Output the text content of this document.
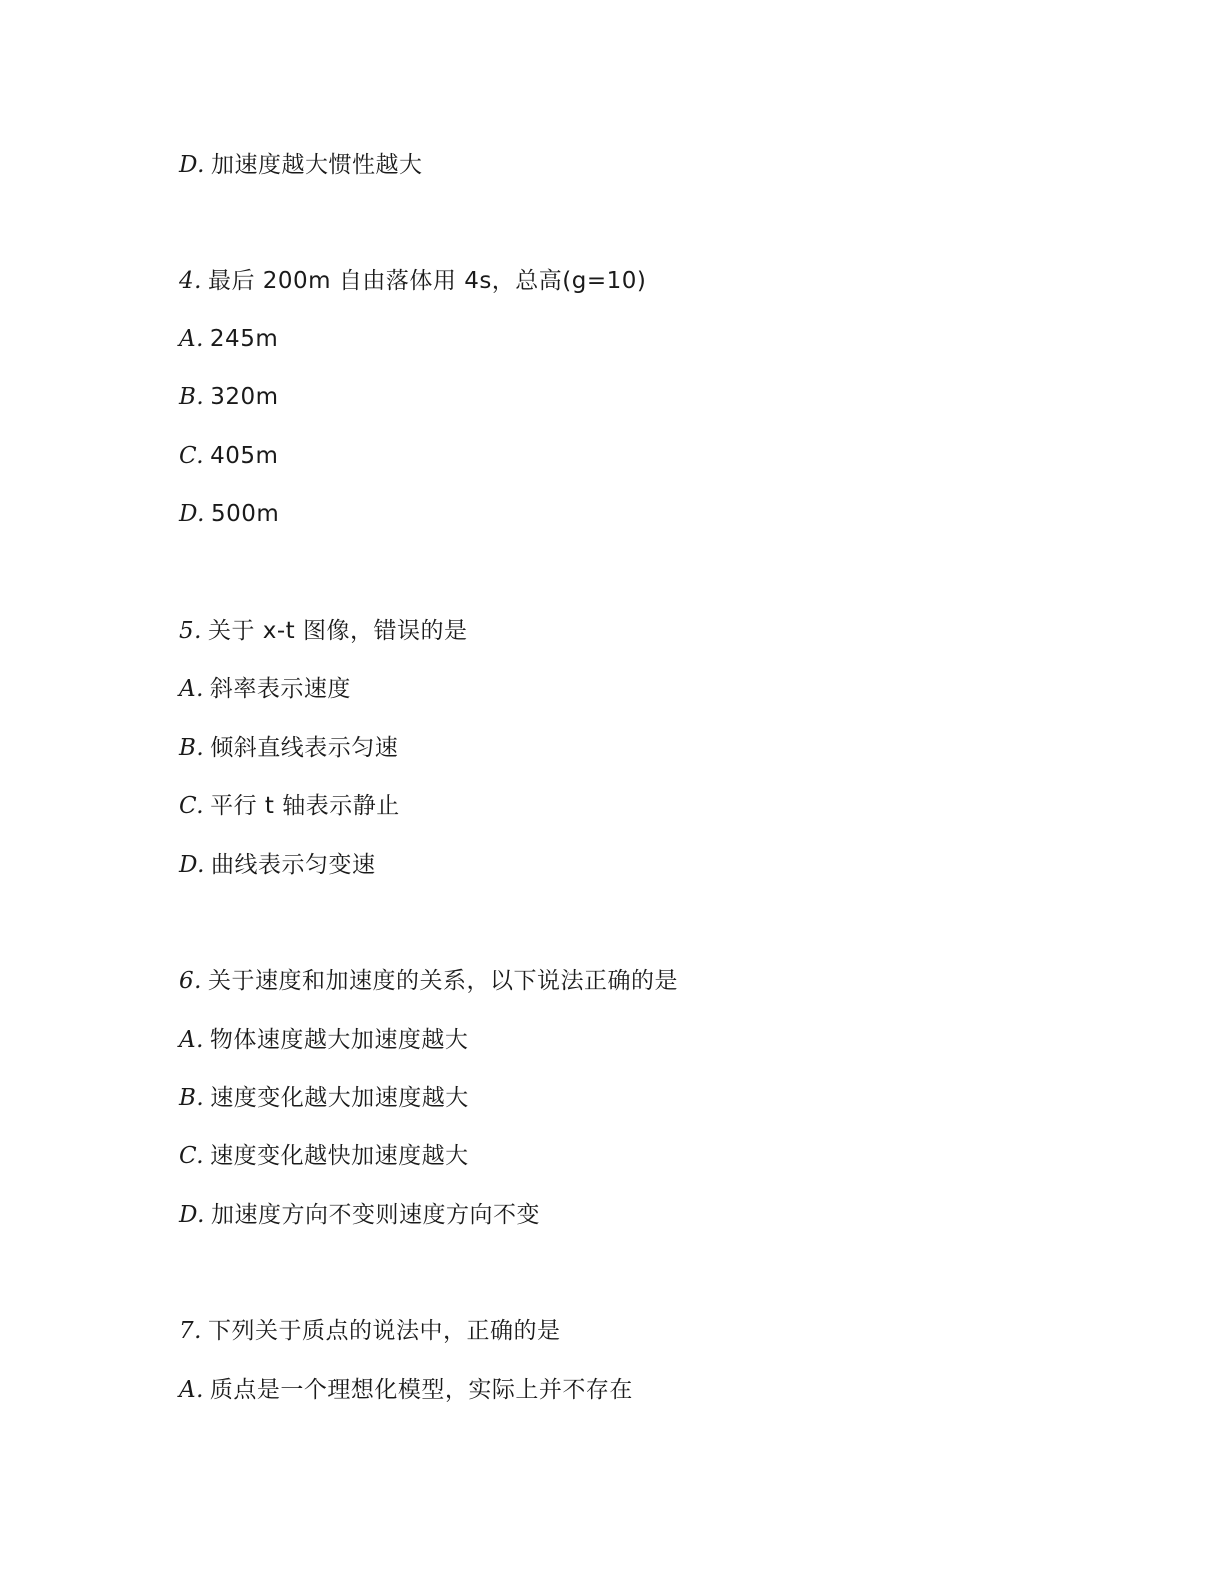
D. 加速度越大惯性越大
4. 最后 200m 自由落体用 4s，总高(g=10)
A. 245m
B. 320m
C. 405m
D. 500m
5. 关于 x-t 图像，错误的是
A. 斜率表示速度
B. 倾斜直线表示匀速
C. 平行 t 轴表示静止
D. 曲线表示匀变速
6. 关于速度和加速度的关系，以下说法正确的是
A. 物体速度越大加速度越大
B. 速度变化越大加速度越大
C. 速度变化越快加速度越大
D. 加速度方向不变则速度方向不变
7. 下列关于质点的说法中，正确的是
A. 质点是一个理想化模型，实际上并不存在
